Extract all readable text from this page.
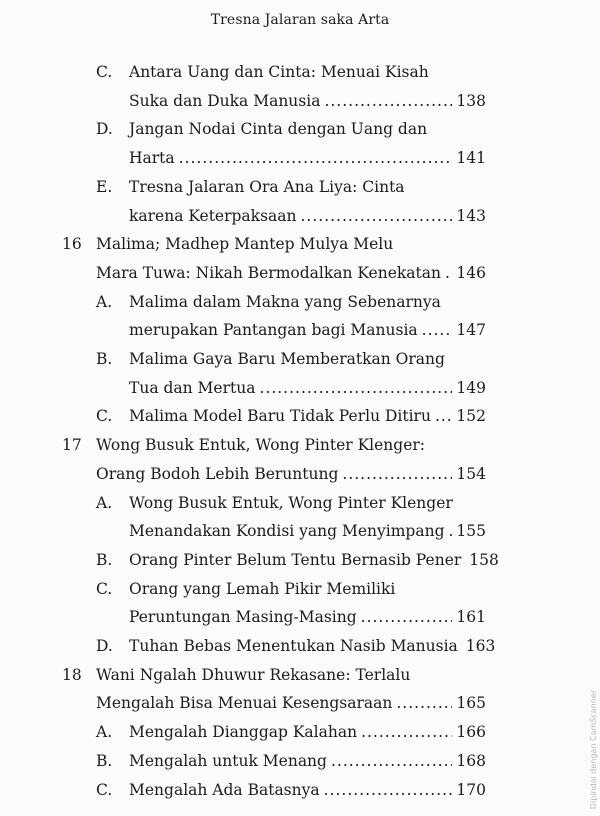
Tresna Jalaran saka Arta
C. Antara Uang dan Cinta: Menuai Kisah
Suka dan Duka Manusia .....	138
D. Jangan Nodai Cinta dengan Uang dan
Harta .....	141
E. Tresna Jalaran Ora Ana Liya: Cinta
karena Keterpaksaan .....	143
16 Malima; Madhep Mantep Mulya Melu
Mara Tuwa: Nikah Bermodalkan Kenekatan ..... 146
A. Malima dalam Makna yang Sebenarnya
merupakan Pantangan bagi Manusia .....	147
B. Malima Gaya Baru Memberatkan Orang
Tua dan Mertua .....	149
C. Malima Model Baru Tidak Perlu Ditiru ..... 152
17 Wong Busuk Entuk, Wong Pinter Klenger:
Orang Bodoh Lebih Beruntung .....	154
A. Wong Busuk Entuk, Wong Pinter Klenger
Menandakan Kondisi yang Menyimpang ..... 155
B. Orang Pinter Belum Tentu Bernasib Pener 158
C. Orang yang Lemah Pikir Memiliki
Peruntungan Masing-Masing .....	161
D. Tuhan Bebas Menentukan Nasib Manusia 163
18 Wani Ngalah Dhuwur Rekasane: Terlalu
Mengalah Bisa Menuai Kesengsaraan .....	165
A. Mengalah Dianggap Kalahan .....	166
B. Mengalah untuk Menang .....	168
C. Mengalah Ada Batasnya .....	170	Dipindai dengan CamScanner
